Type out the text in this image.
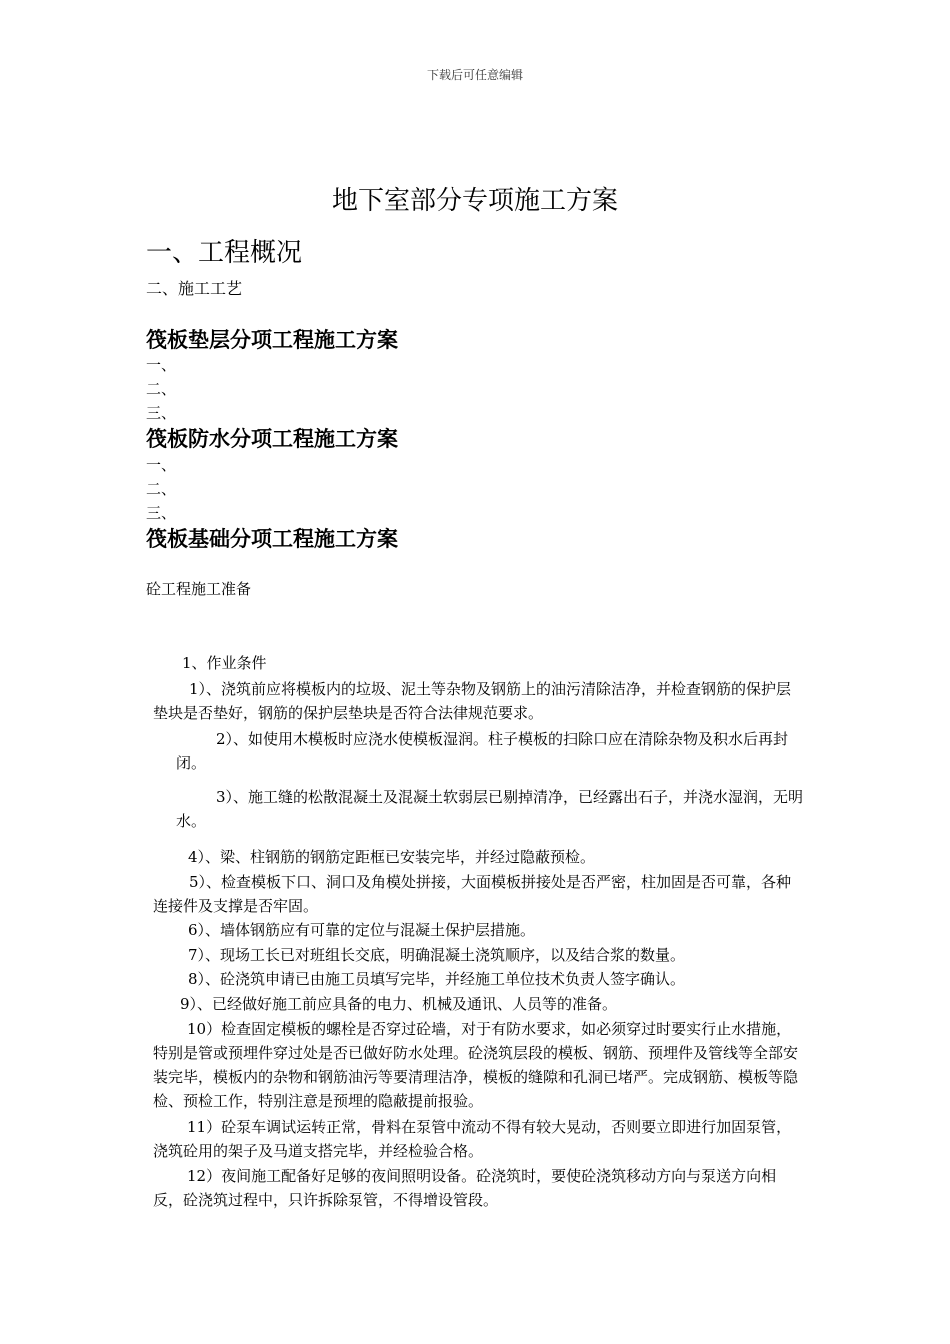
下载后可任意编辑
地下室部分专项施工方案
一、工程概况
二、施工工艺
筏板垫层分项工程施工方案
一、
二、
三、
筏板防水分项工程施工方案
一、
二、
三、
筏板基础分项工程施工方案
砼工程施工准备
1、作业条件
1）、浇筑前应将模板内的垃圾、泥土等杂物及钢筋上的油污清除洁净，并检查钢筋的保护层垫块是否垫好，钢筋的保护层垫块是否符合法律规范要求。
2）、如使用木模板时应浇水使模板湿润。柱子模板的扫除口应在清除杂物及积水后再封闭。
3）、施工缝的松散混凝土及混凝土软弱层已剔掉清净，已经露出石子，并浇水湿润，无明水。
4）、梁、柱钢筋的钢筋定距框已安装完毕，并经过隐蔽预检。
5）、检查模板下口、洞口及角模处拼接，大面模板拼接处是否严密，柱加固是否可靠，各种连接件及支撑是否牢固。
6）、墙体钢筋应有可靠的定位与混凝土保护层措施。
7）、现场工长已对班组长交底，明确混凝土浇筑顺序，以及结合浆的数量。
8）、砼浇筑申请已由施工员填写完毕，并经施工单位技术负责人签字确认。
9）、已经做好施工前应具备的电力、机械及通讯、人员等的准备。
10）检查固定模板的螺栓是否穿过砼墙，对于有防水要求，如必须穿过时要实行止水措施，特别是管或预埋件穿过处是否已做好防水处理。砼浇筑层段的模板、钢筋、预埋件及管线等全部安装完毕，模板内的杂物和钢筋油污等要清理洁净，模板的缝隙和孔洞已堵严。完成钢筋、模板等隐检、预检工作，特别注意是预埋的隐蔽提前报验。
11）砼泵车调试运转正常，骨料在泵管中流动不得有较大晃动，否则要立即进行加固泵管，浇筑砼用的架子及马道支搭完毕，并经检验合格。
12）夜间施工配备好足够的夜间照明设备。砼浇筑时，要使砼浇筑移动方向与泵送方向相反，砼浇筑过程中，只许拆除泵管，不得增设管段。
